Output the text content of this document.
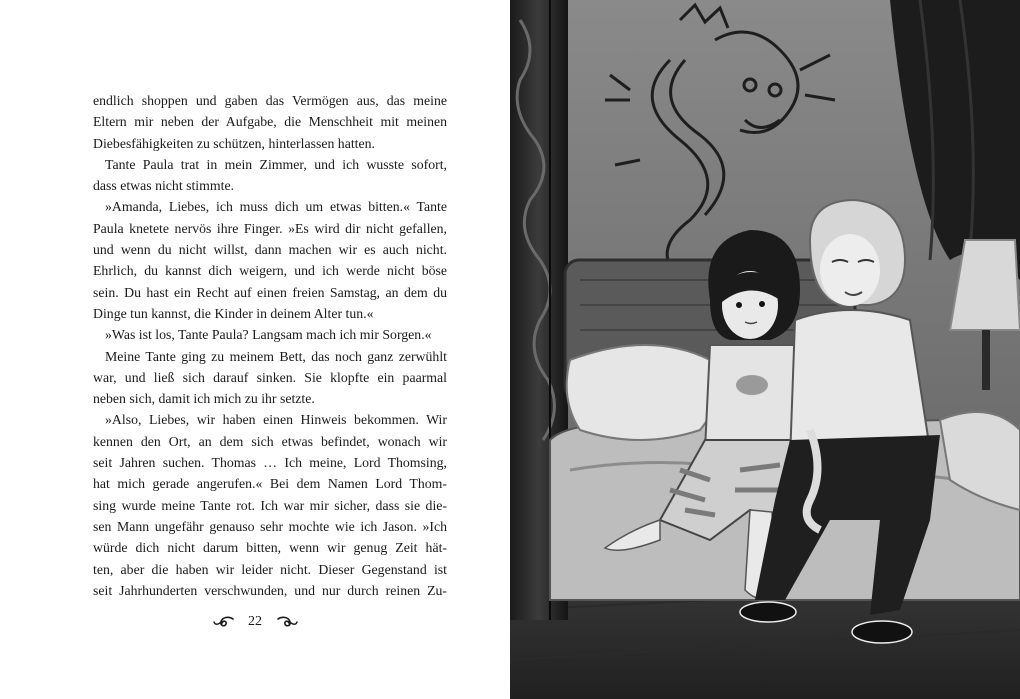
endlich shoppen und gaben das Vermögen aus, das meine
Eltern mir neben der Aufgabe, die Menschheit mit meinen
Diebesfähigkeiten zu schützen, hinterlassen hatten.
Tante Paula trat in mein Zimmer, und ich wusste sofort,
dass etwas nicht stimmte.
»Amanda, Liebes, ich muss dich um etwas bitten.« Tante
Paula knetete nervös ihre Finger. »Es wird dir nicht gefallen,
und wenn du nicht willst, dann machen wir es auch nicht.
Ehrlich, du kannst dich weigern, und ich werde nicht böse
sein. Du hast ein Recht auf einen freien Samstag, an dem du
Dinge tun kannst, die Kinder in deinem Alter tun.«
»Was ist los, Tante Paula? Langsam mach ich mir Sorgen.«
Meine Tante ging zu meinem Bett, das noch ganz zerwühlt
war, und ließ sich darauf sinken. Sie klopfte ein paarmal
neben sich, damit ich mich zu ihr setzte.
»Also, Liebes, wir haben einen Hinweis bekommen. Wir
kennen den Ort, an dem sich etwas befindet, wonach wir
seit Jahren suchen. Thomas … Ich meine, Lord Thomsing,
hat mich gerade angerufen.« Bei dem Namen Lord Thom-
sing wurde meine Tante rot. Ich war mir sicher, dass sie die-
sen Mann ungefähr genauso sehr mochte wie ich Jason. »Ich
würde dich nicht darum bitten, wenn wir genug Zeit hät-
ten, aber die haben wir leider nicht. Dieser Gegenstand ist
seit Jahrhunderten verschwunden, und nur durch reinen Zu-
22
